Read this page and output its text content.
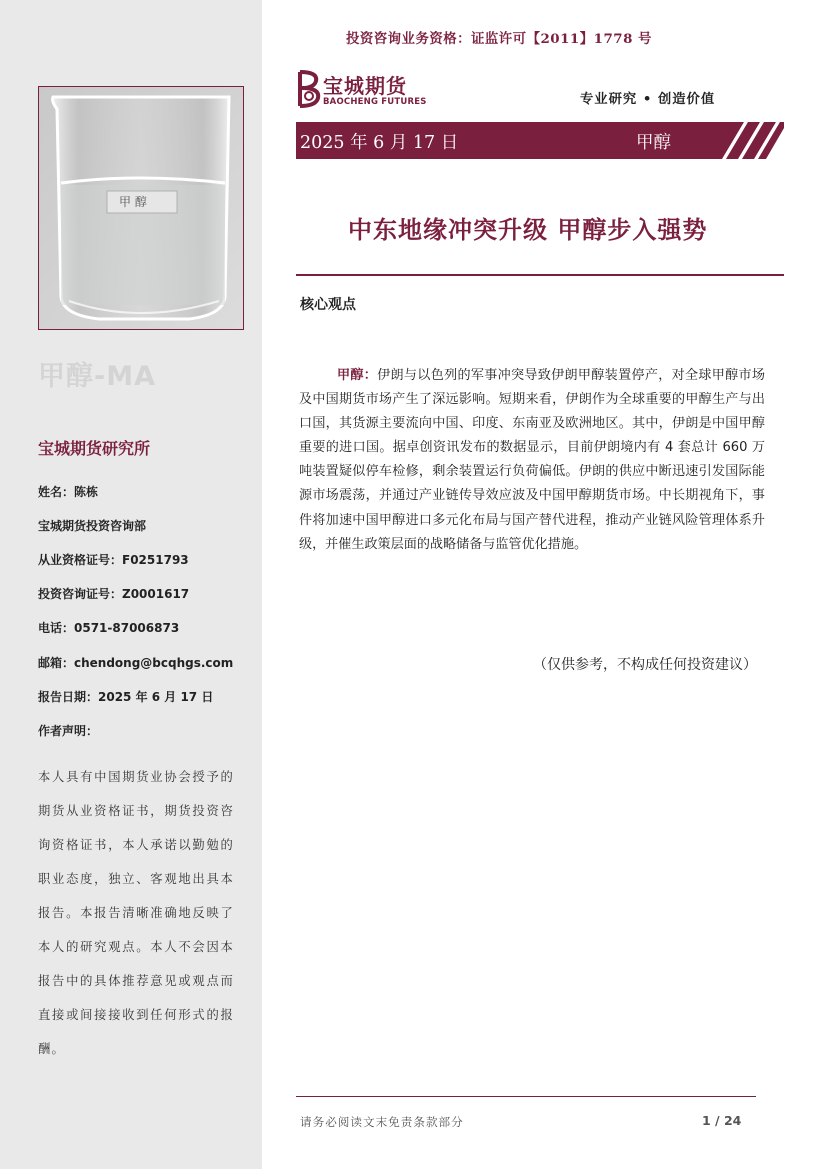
甲 醇
甲醇-MA
宝城期货研究所
姓名：陈栋
宝城期货投资咨询部
从业资格证号：F0251793
投资咨询证号：Z0001617
电话：0571-87006873
邮箱：chendong@bcqhgs.com
报告日期：2025 年 6 月 17 日
作者声明：
本人具有中国期货业协会授予的期货从业资格证书，期货投资咨询资格证书，本人承诺以勤勉的职业态度，独立、客观地出具本报告。本报告清晰准确地反映了本人的研究观点。本人不会因本报告中的具体推荐意见或观点而直接或间接接收到任何形式的报酬。
投资咨询业务资格：证监许可【2011】1778 号
宝城期货
BAOCHENG FUTURES	专业研究 • 创造价值
2025 年 6 月 17 日	甲醇
中东地缘冲突升级 甲醇步入强势
核心观点
甲醇：伊朗与以色列的军事冲突导致伊朗甲醇装置停产，对全球甲醇市场及中国期货市场产生了深远影响。短期来看，伊朗作为全球重要的甲醇生产与出口国，其货源主要流向中国、印度、东南亚及欧洲地区。其中，伊朗是中国甲醇重要的进口国。据卓创资讯发布的数据显示，目前伊朗境内有 4 套总计 660 万吨装置疑似停车检修，剩余装置运行负荷偏低。伊朗的供应中断迅速引发国际能源市场震荡，并通过产业链传导效应波及中国甲醇期货市场。中长期视角下，事件将加速中国甲醇进口多元化布局与国产替代进程，推动产业链风险管理体系升级，并催生政策层面的战略储备与监管优化措施。
（仅供参考，不构成任何投资建议）
请务必阅读文末免责条款部分	1 / 24
